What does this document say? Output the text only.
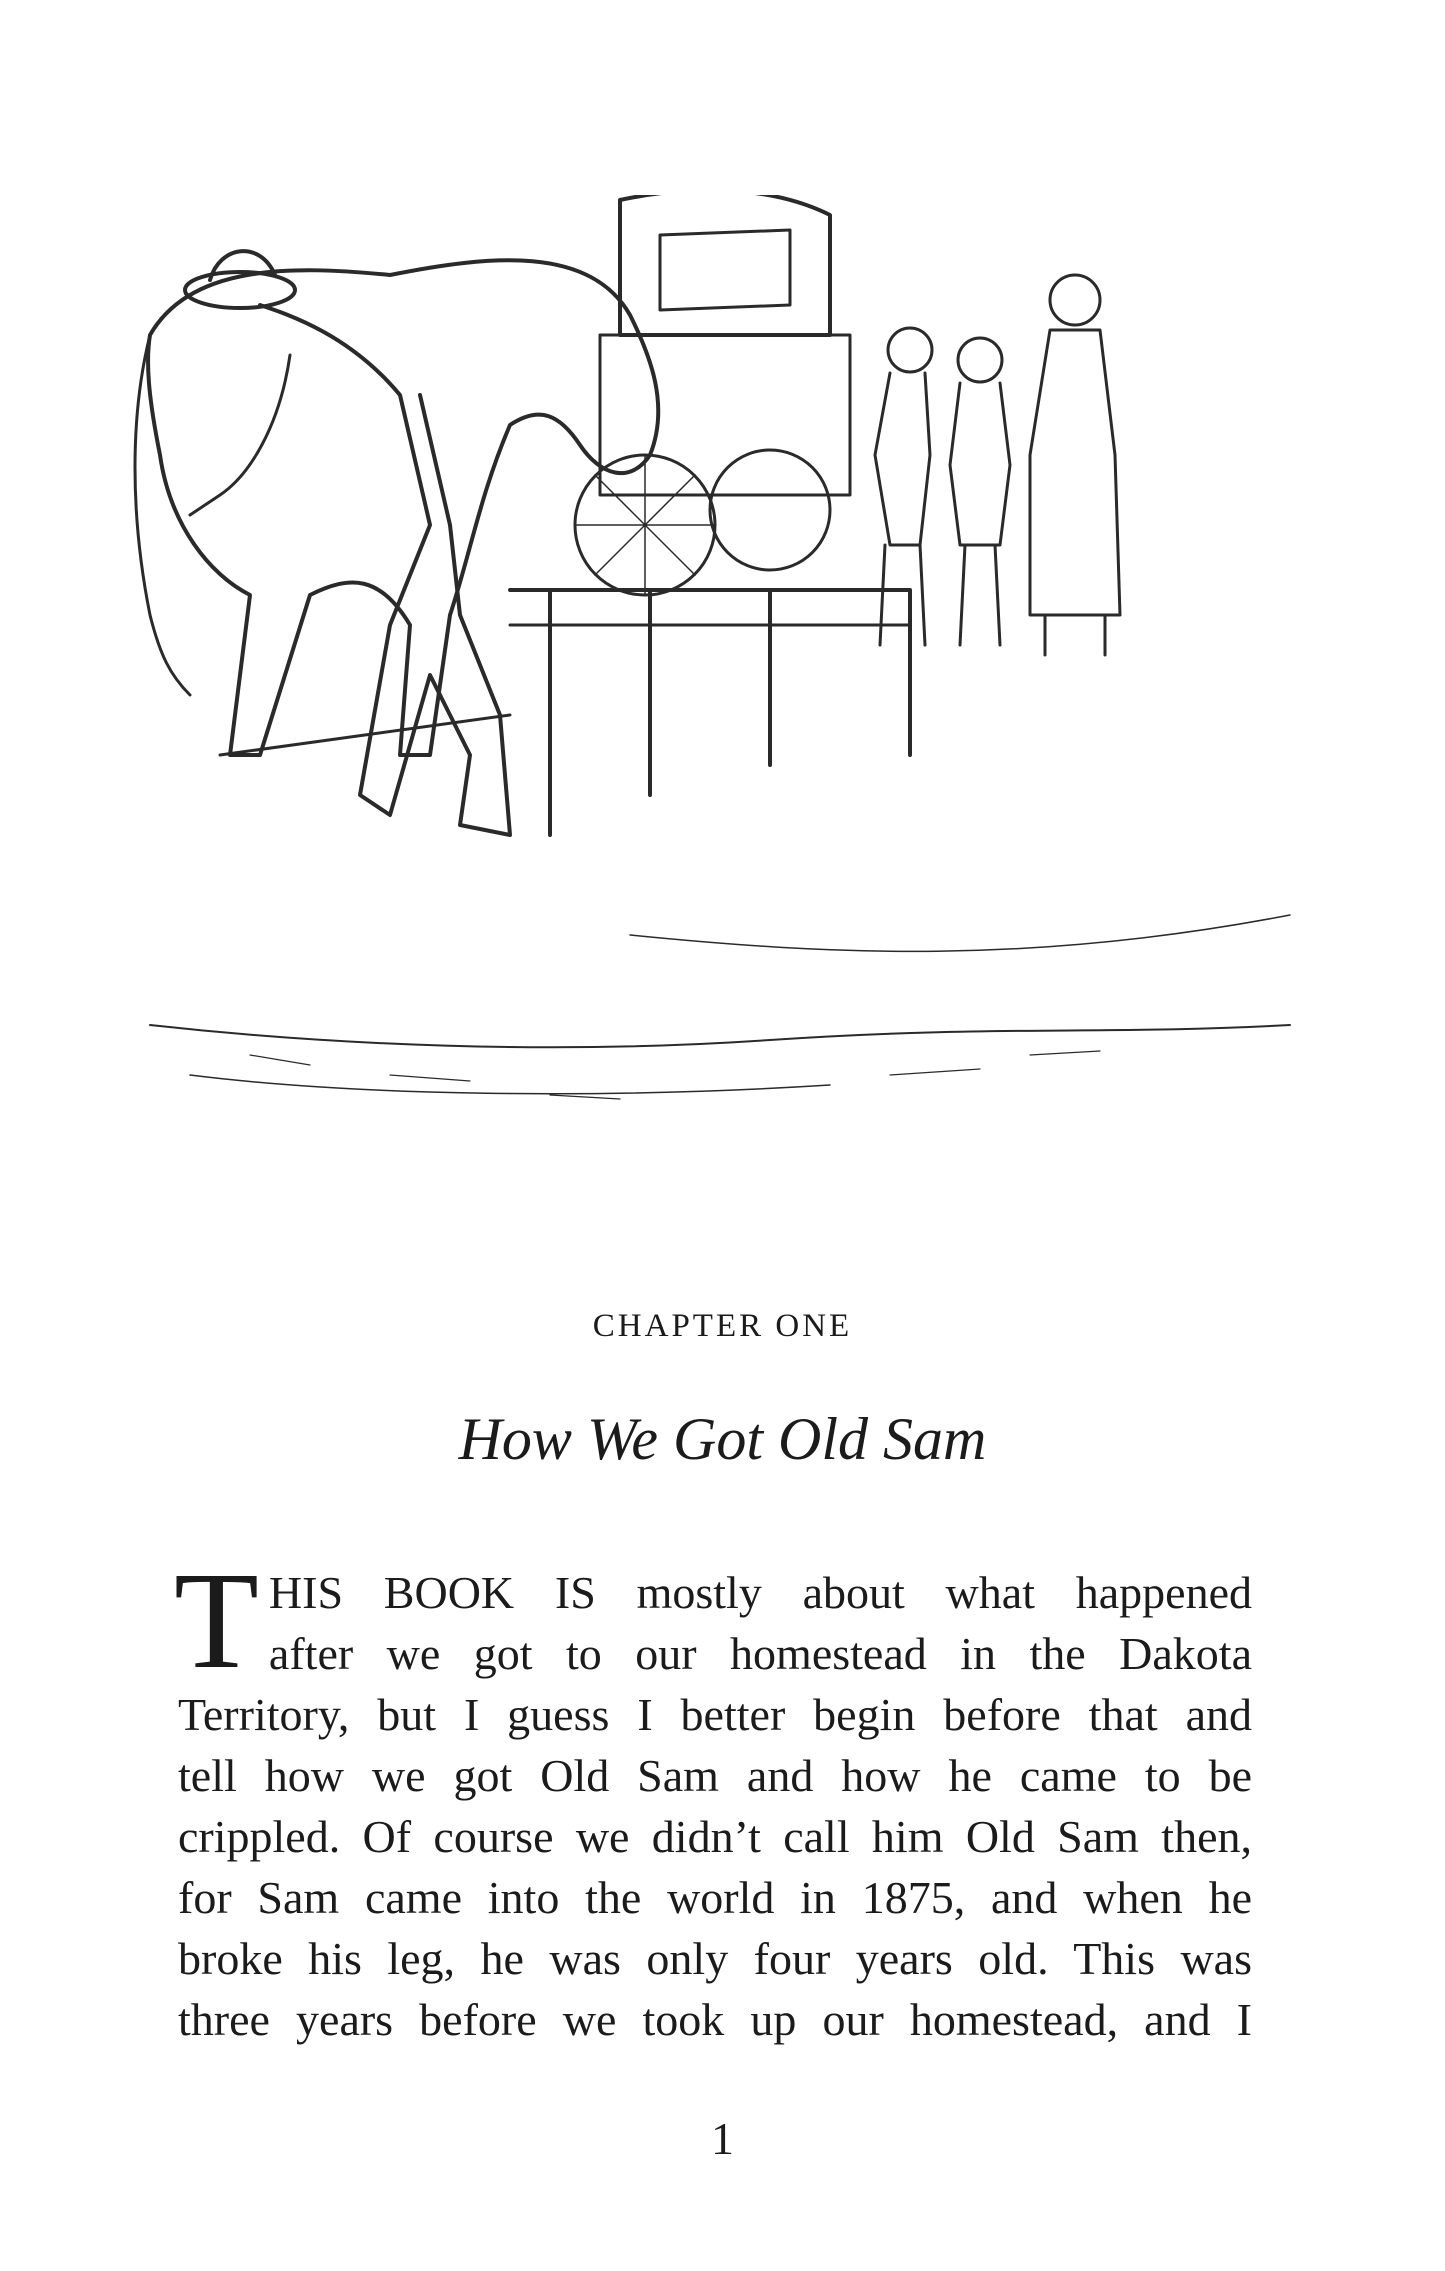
CHAPTER ONE
How We Got Old Sam
T HIS BOOK IS mostly about what happened
after we got to our homestead in the Dakota
Territory, but I guess I better begin before that and
tell how we got Old Sam and how he came to be
crippled. Of course we didn’t call him Old Sam then,
for Sam came into the world in 1875, and when he
broke his leg, he was only four years old. This was
three years before we took up our homestead, and I
1
